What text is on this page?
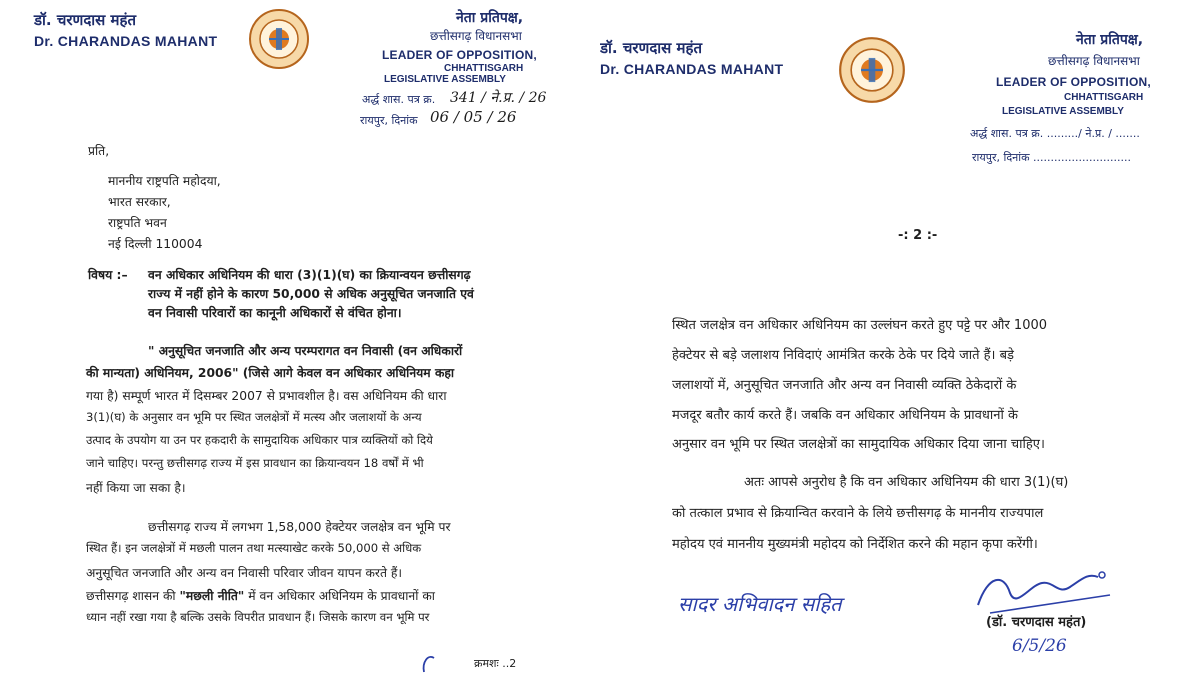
डॉ. चरणदास महंत
Dr. CHARANDAS MAHANT
नेता प्रतिपक्ष,
छत्तीसगढ़ विधानसभा
LEADER OF OPPOSITION,
CHHATTISGARH
LEGISLATIVE ASSEMBLY
अर्द्ध शास. पत्र क्र. 341 / ने.प्र. / 26
रायपुर, दिनांक 06 / 05 / 26
प्रति,
माननीय राष्ट्रपति महोदया,
भारत सरकार,
राष्ट्रपति भवन
नई दिल्ली 110004
विषय :– वन अधिकार अधिनियम की धारा (3)(1)(घ) का क्रियान्वयन छत्तीसगढ़
राज्य में नहीं होने के कारण 50,000 से अधिक अनुसूचित जनजाति एवं
वन निवासी परिवारों का कानूनी अधिकारों से वंचित होना।
" अनुसूचित जनजाति और अन्य परम्परागत वन निवासी (वन अधिकारों
की मान्यता) अधिनियम, 2006" (जिसे आगे केवल वन अधिकार अधिनियम कहा
गया है) सम्पूर्ण भारत में दिसम्बर 2007 से प्रभावशील है। वस अधिनियम की धारा
3(1)(घ) के अनुसार वन भूमि पर स्थित जलक्षेत्रों में मत्स्य और जलाशयों के अन्य
उत्पाद के उपयोग या उन पर हकदारी के सामुदायिक अधिकार पात्र व्यक्तियों को दिये
जाने चाहिए। परन्तु छत्तीसगढ़ राज्य में इस प्रावधान का क्रियान्वयन 18 वर्षों में भी
नहीं किया जा सका है।
छत्तीसगढ़ राज्य में लगभग 1,58,000 हेक्टेयर जलक्षेत्र वन भूमि पर
स्थित हैं। इन जलक्षेत्रों में मछली पालन तथा मत्स्याखेट करके 50,000 से अधिक
अनुसूचित जनजाति और अन्य वन निवासी परिवार जीवन यापन करते हैं।
छत्तीसगढ़ शासन की "मछली नीति" में वन अधिकार अधिनियम के प्रावधानों का
ध्यान नहीं रखा गया है बल्कि उसके विपरीत प्रावधान हैं। जिसके कारण वन भूमि पर
क्रमशः ..2
डॉ. चरणदास महंत
Dr. CHARANDAS MAHANT
नेता प्रतिपक्ष,
छत्तीसगढ़ विधानसभा
LEADER OF OPPOSITION,
CHHATTISGARH
LEGISLATIVE ASSEMBLY
अर्द्ध शास. पत्र क्र. ........./ ने.प्र. / .......
रायपुर, दिनांक ............................
-: 2 :-
स्थित जलक्षेत्र वन अधिकार अधिनियम का उल्लंघन करते हुए पट्टे पर और 1000
हेक्टेयर से बड़े जलाशय निविदाएं आमंत्रित करके ठेके पर दिये जाते हैं। बड़े
जलाशयों में, अनुसूचित जनजाति और अन्य वन निवासी व्यक्ति ठेकेदारों के
मजदूर बतौर कार्य करते हैं। जबकि वन अधिकार अधिनियम के प्रावधानों के
अनुसार वन भूमि पर स्थित जलक्षेत्रों का सामुदायिक अधिकार दिया जाना चाहिए।
अतः आपसे अनुरोध है कि वन अधिकार अधिनियम की धारा 3(1)(घ)
को तत्काल प्रभाव से क्रियान्वित करवाने के लिये छत्तीसगढ़ के माननीय राज्यपाल
महोदय एवं माननीय मुख्यमंत्री महोदय को निर्देशित करने की महान कृपा करेंगी।
सादर अभिवादन सहित
(डॉ. चरणदास महंत)
6/5/26
